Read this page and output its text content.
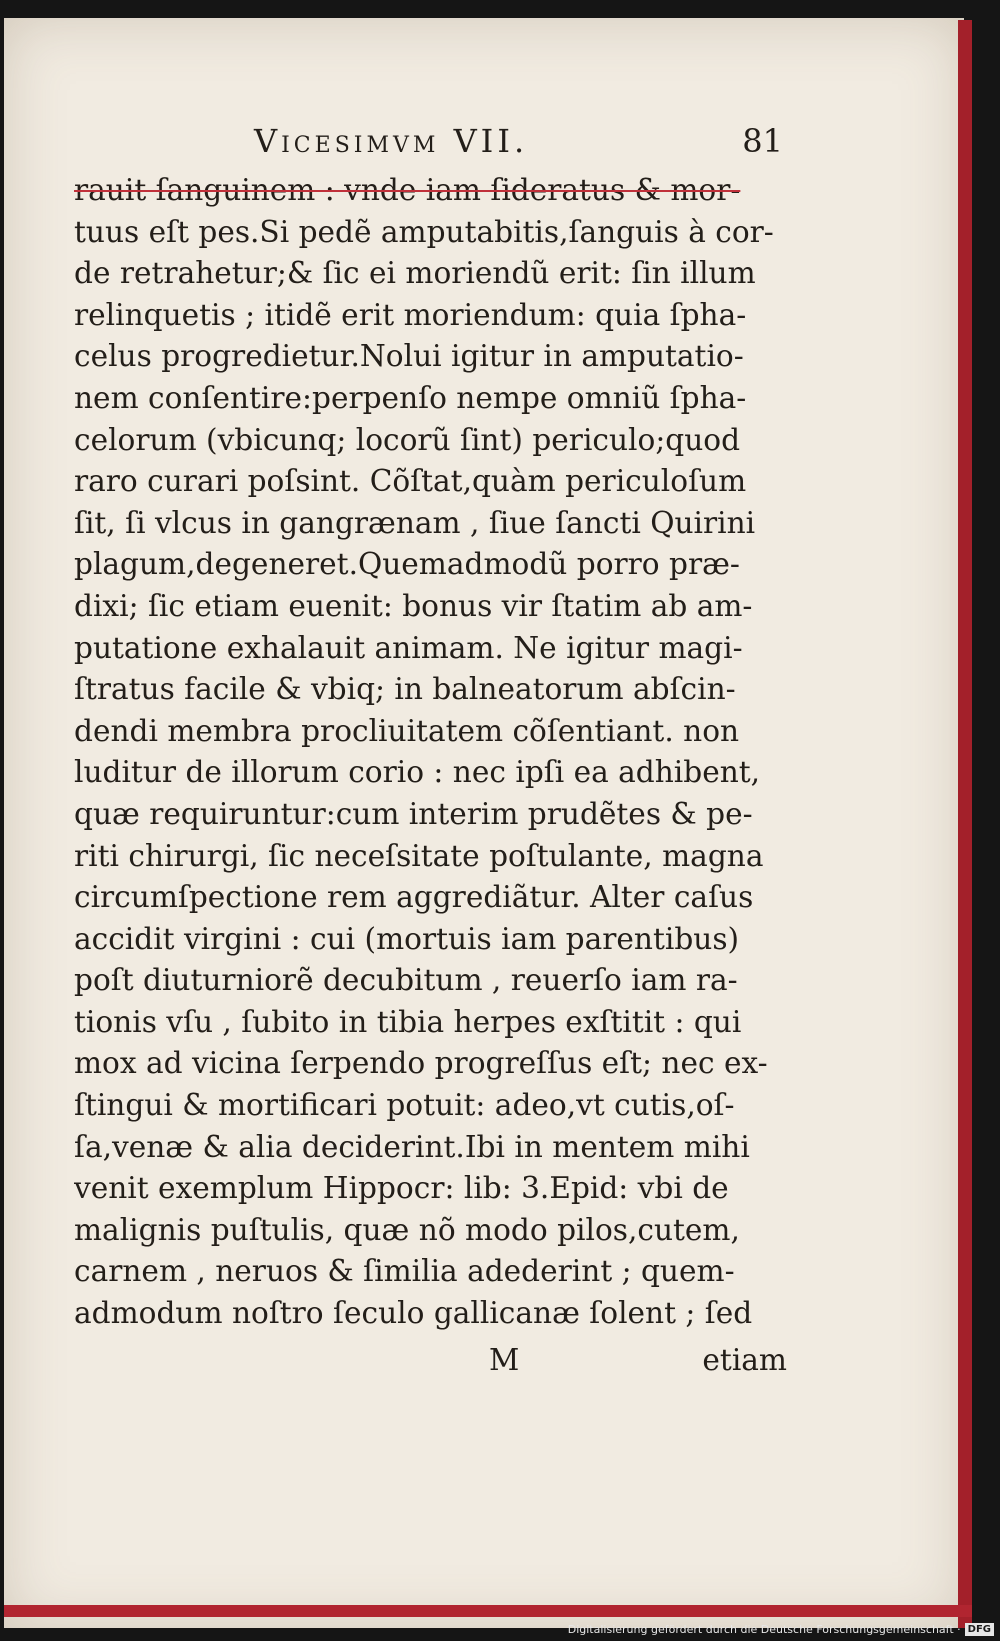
Vicesimvm VII.	81
rauit ſanguinem : vnde iam ſideratus & mor-
tuus eſt pes.Si pedẽ amputabitis,ſanguis à cor-
de retrahetur;& ſic ei moriendũ erit: ſin illum
relinquetis ; itidẽ erit moriendum: quia ſpha-
celus progredietur.Nolui igitur in amputatio-
nem conſentire:perpenſo nempe omniũ ſpha-
celorum (vbicunq; locorũ ſint) periculo;quod
raro curari poſsint. Cõſtat,quàm periculoſum
ſit, ſi vlcus in gangrænam , ſiue ſancti Quirini
plagum,degeneret.Quemadmodũ porro præ-
dixi; ſic etiam euenit: bonus vir ſtatim ab am-
putatione exhalauit animam. Ne igitur magi-
ſtratus facile & vbiq; in balneatorum abſcin-
dendi membra procliuitatem cõſentiant. non
luditur de illorum corio : nec ipſi ea adhibent,
quæ requiruntur:cum interim prudẽtes & pe-
riti chirurgi, ſic neceſsitate poſtulante, magna
circumſpectione rem aggrediãtur. Alter caſus
accidit virgini : cui (mortuis iam parentibus)
poſt diuturniorẽ decubitum , reuerſo iam ra-
tionis vſu , ſubito in tibia herpes exſtitit : qui
mox ad vicina ſerpendo progreſſus eſt; nec ex-
ſtingui & mortificari potuit: adeo,vt cutis,oſ-
ſa,venæ & alia deciderint.Ibi in mentem mihi
venit exemplum Hippocr: lib: 3.Epid: vbi de
malignis puſtulis, quæ nõ modo pilos,cutem,
carnem , neruos & ſimilia adederint ; quem-
admodum noſtro ſeculo gallicanæ ſolent ; ſed
M	etiam
Digitalisierung gefördert durch die Deutsche Forschungsgemeinschaft · DFG
